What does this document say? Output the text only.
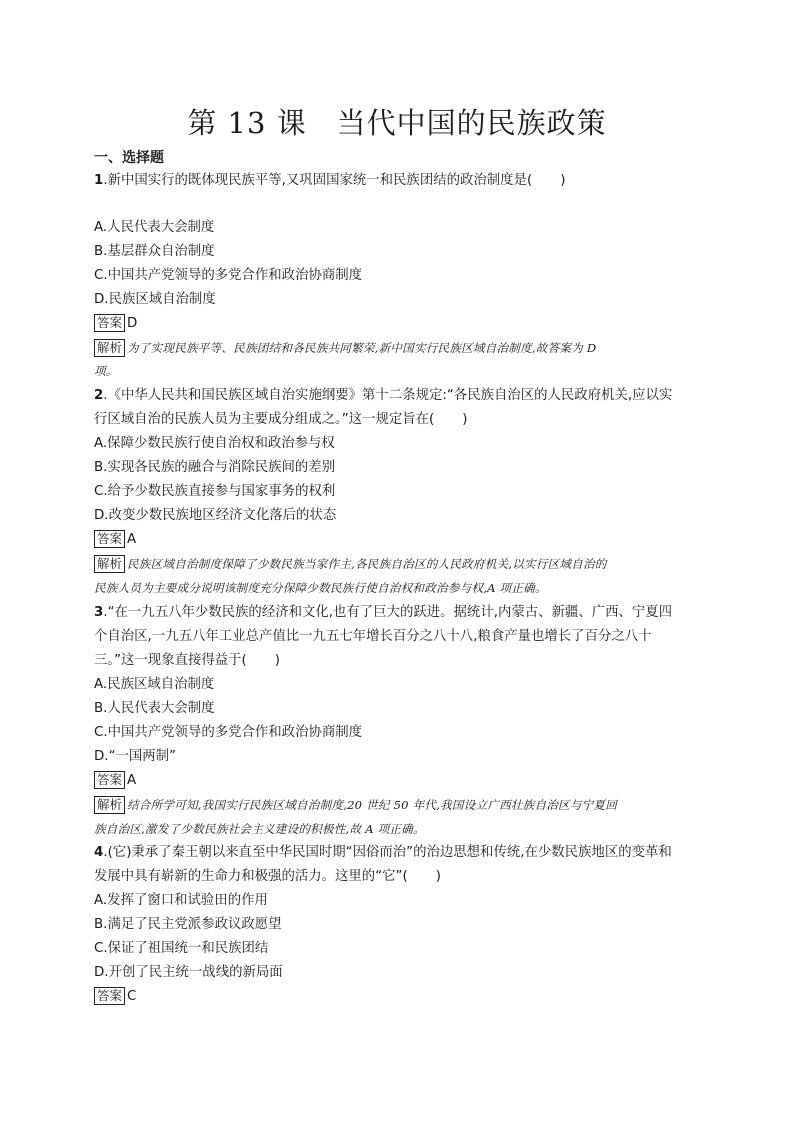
第 13 课　当代中国的民族政策
一、选择题
1.新中国实行的既体现民族平等,又巩固国家统一和民族团结的政治制度是( )
A.人民代表大会制度
B.基层群众自治制度
C.中国共产党领导的多党合作和政治协商制度
D.民族区域自治制度
答案 D
解析 为了实现民族平等、民族团结和各民族共同繁荣,新中国实行民族区域自治制度,故答案为 D
项。
2.《中华人民共和国民族区域自治实施纲要》第十二条规定:“各民族自治区的人民政府机关,应以实
行区域自治的民族人员为主要成分组成之。”这一规定旨在( )
A.保障少数民族行使自治权和政治参与权
B.实现各民族的融合与消除民族间的差别
C.给予少数民族直接参与国家事务的权利
D.改变少数民族地区经济文化落后的状态
答案 A
解析 民族区域自治制度保障了少数民族当家作主,各民族自治区的人民政府机关,以实行区域自治的
民族人员为主要成分说明该制度充分保障少数民族行使自治权和政治参与权,A 项正确。
3.“在一九五八年少数民族的经济和文化,也有了巨大的跃进。据统计,内蒙古、新疆、广西、宁夏四
个自治区,一九五八年工业总产值比一九五七年增长百分之八十八,粮食产量也增长了百分之八十
三。”这一现象直接得益于( )
A.民族区域自治制度
B.人民代表大会制度
C.中国共产党领导的多党合作和政治协商制度
D.“一国两制”
答案 A
解析 结合所学可知,我国实行民族区域自治制度,20 世纪 50 年代,我国设立广西壮族自治区与宁夏回
族自治区,激发了少数民族社会主义建设的积极性,故 A 项正确。
4.(它)秉承了秦王朝以来直至中华民国时期“因俗而治”的治边思想和传统,在少数民族地区的变革和
发展中具有崭新的生命力和极强的活力。这里的“它”( )
A.发挥了窗口和试验田的作用
B.满足了民主党派参政议政愿望
C.保证了祖国统一和民族团结
D.开创了民主统一战线的新局面
答案 C
